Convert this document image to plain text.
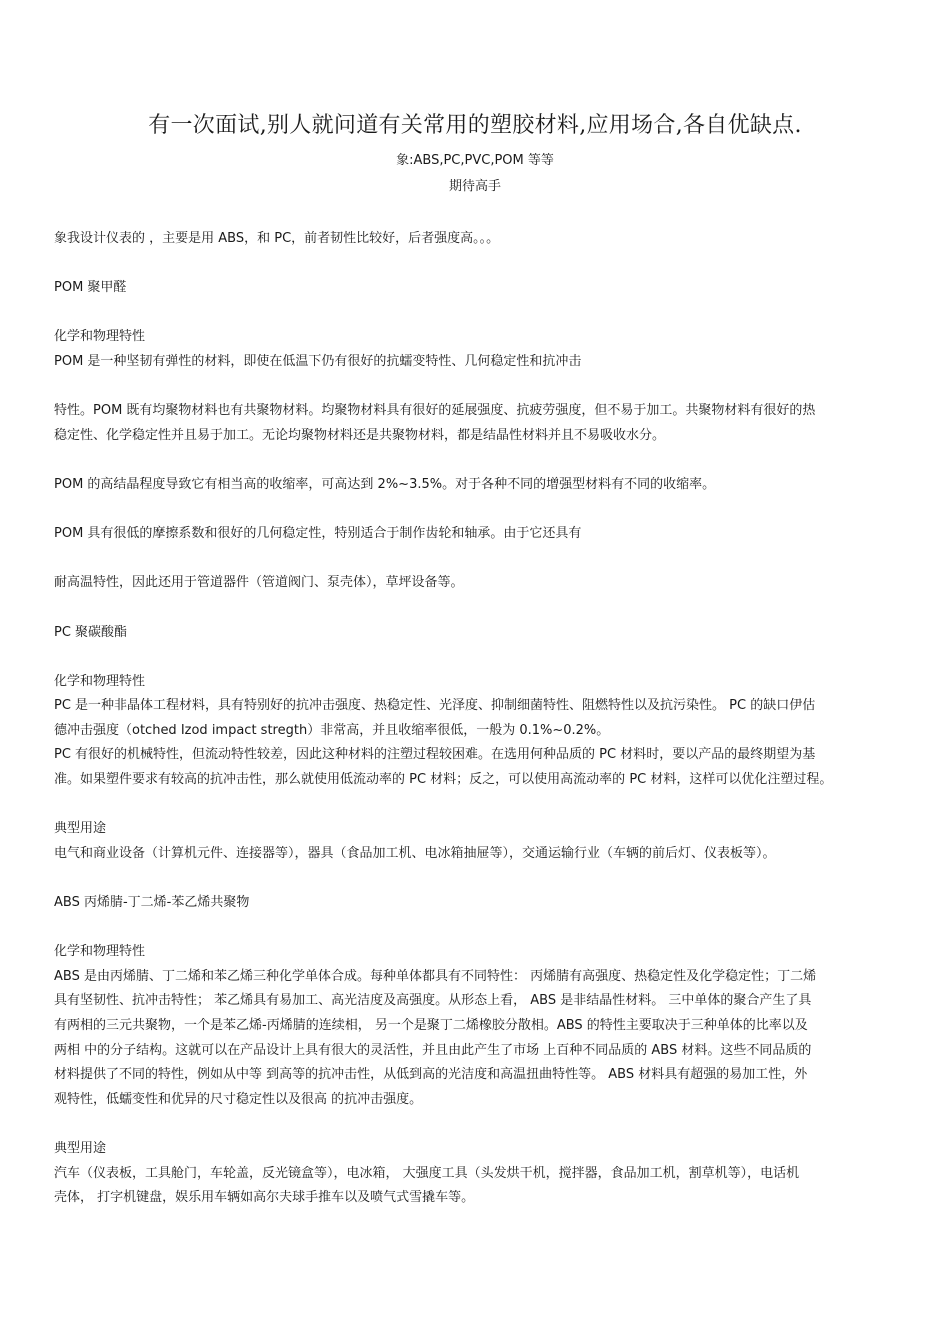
有一次面试,别人就问道有关常用的塑胶材料,应用场合,各自优缺点.
象:ABS,PC,PVC,POM 等等
期待高手

象我设计仪表的 ，主要是用 ABS，和 PC，前者韧性比较好，后者强度高。。。

POM 聚甲醛

化学和物理特性

POM 是一种坚韧有弹性的材料，即使在低温下仍有很好的抗蠕变特性、几何稳定性和抗冲击

特性。POM 既有均聚物材料也有共聚物材料。均聚物材料具有很好的延展强度、抗疲劳强度，但不易于加工。共聚物材料有很好的热

稳定性、化学稳定性并且易于加工。无论均聚物材料还是共聚物材料，都是结晶性材料并且不易吸收水分。

POM 的高结晶程度导致它有相当高的收缩率，可高达到 2%~3.5%。对于各种不同的增强型材料有不同的收缩率。

POM 具有很低的摩擦系数和很好的几何稳定性，特别适合于制作齿轮和轴承。由于它还具有

耐高温特性，因此还用于管道器件（管道阀门、泵壳体），草坪设备等。

PC 聚碳酸酯

化学和物理特性

PC 是一种非晶体工程材料，具有特别好的抗冲击强度、热稳定性、光泽度、抑制细菌特性、阻燃特性以及抗污染性。 PC 的缺口伊估

德冲击强度（otched Izod impact stregth）非常高，并且收缩率很低，一般为 0.1%~0.2%。

PC 有很好的机械特性，但流动特性较差，因此这种材料的注塑过程较困难。在选用何种品质的 PC 材料时，要以产品的最终期望为基

准。如果塑件要求有较高的抗冲击性，那么就使用低流动率的 PC 材料；反之，可以使用高流动率的 PC 材料，这样可以优化注塑过程。

典型用途

电气和商业设备（计算机元件、连接器等），器具（食品加工机、电冰箱抽屉等），交通运输行业（车辆的前后灯、仪表板等）。

ABS 丙烯腈-丁二烯-苯乙烯共聚物

化学和物理特性

ABS 是由丙烯腈、丁二烯和苯乙烯三种化学单体合成。每种单体都具有不同特性： 丙烯腈有高强度、热稳定性及化学稳定性；丁二烯

具有坚韧性、抗冲击特性； 苯乙烯具有易加工、高光洁度及高强度。从形态上看， ABS 是非结晶性材料。 三中单体的聚合产生了具

有两相的三元共聚物，一个是苯乙烯-丙烯腈的连续相， 另一个是聚丁二烯橡胶分散相。ABS 的特性主要取决于三种单体的比率以及

两相 中的分子结构。这就可以在产品设计上具有很大的灵活性，并且由此产生了市场 上百种不同品质的 ABS 材料。这些不同品质的

材料提供了不同的特性，例如从中等 到高等的抗冲击性，从低到高的光洁度和高温扭曲特性等。 ABS 材料具有超强的易加工性，外

观特性，低蠕变性和优异的尺寸稳定性以及很高 的抗冲击强度。

典型用途

汽车（仪表板，工具舱门，车轮盖，反光镜盒等），电冰箱， 大强度工具（头发烘干机，搅拌器，食品加工机，割草机等），电话机

壳体， 打字机键盘，娱乐用车辆如高尔夫球手推车以及喷气式雪撬车等。
